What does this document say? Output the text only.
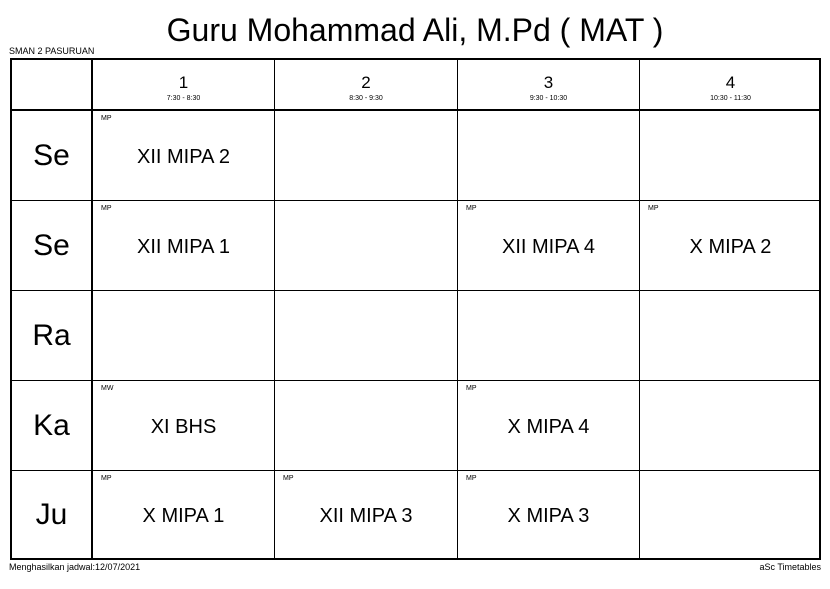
Guru Mohammad Ali, M.Pd ( MAT )
SMAN 2 PASURUAN
1
7:30 - 8:30
2
8:30 - 9:30
3
9:30 - 10:30
4
10:30 - 11:30
Se
Se
Ra
Ka
Ju
MP
XII MIPA 2
MP
XII MIPA 1
MP
XII MIPA 4
MP
X MIPA 2
MW
XI BHS
MP
X MIPA 4
MP
X MIPA 1
MP
XII MIPA 3
MP
X MIPA 3
Menghasilkan jadwal:12/07/2021	aSc Timetables
